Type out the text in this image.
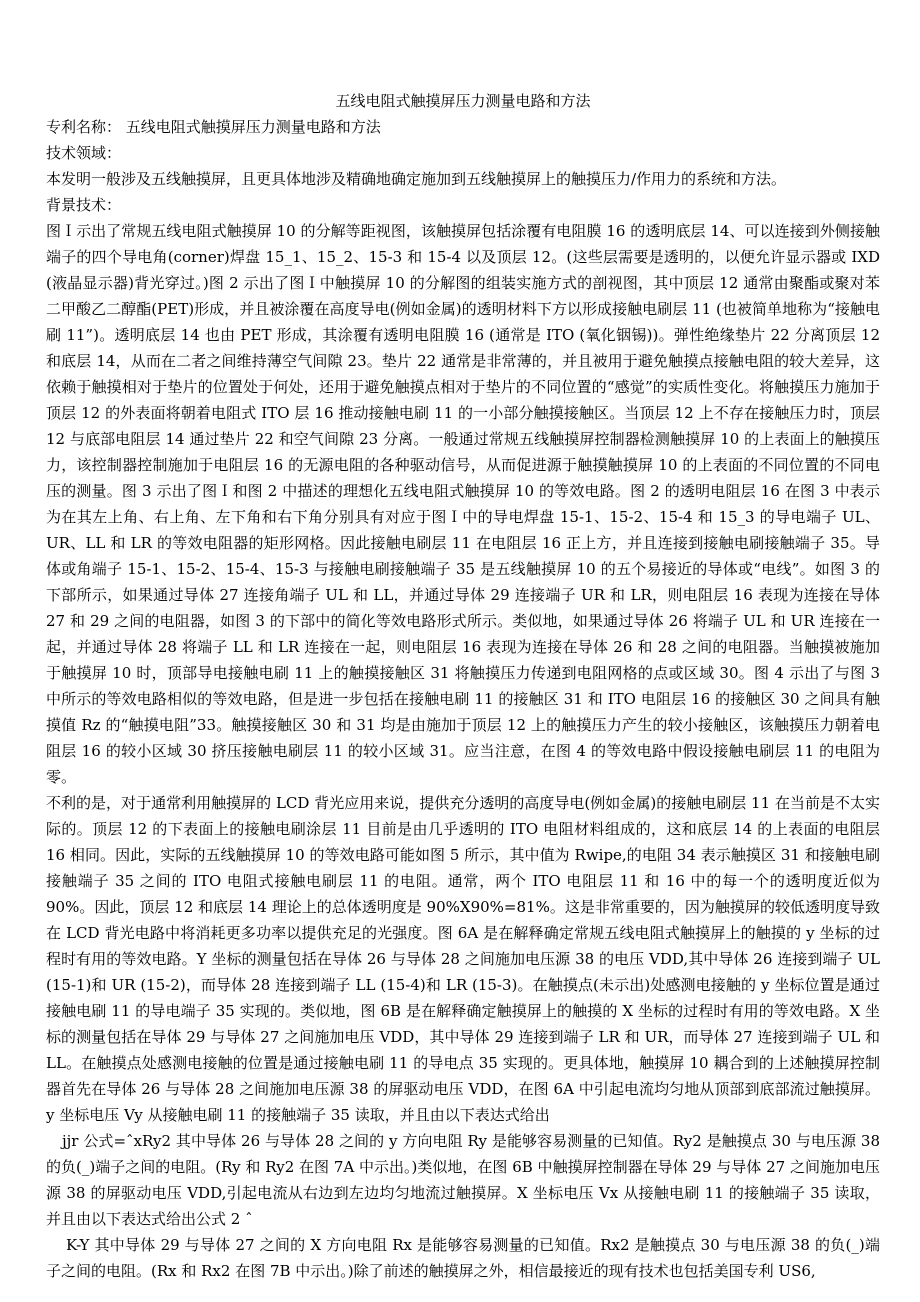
五线电阻式触摸屏压力测量电路和方法

专利名称： 五线电阻式触摸屏压力测量电路和方法

技术领域：

本发明一般涉及五线触摸屏，且更具体地涉及精确地确定施加到五线触摸屏上的触摸压力/作用力的系统和方法。

背景技术：

图Ｉ示出了常规五线电阻式触摸屏 10 的分解等距视图，该触摸屏包括涂覆有电阻膜 16 的透明底层 14、可以连接到外侧接触端子的四个导电角(corner)焊盘 15_1、15_2、15-3 和 15-4 以及顶层 12。(这些层需要是透明的，以便允许显示器或 IXD (液晶显示器)背光穿过。)图 2 示出了图Ｉ中触摸屏 10 的分解图的组装实施方式的剖视图，其中顶层 12 通常由聚酯或聚对苯二甲酸乙二醇酯(PET)形成，并且被涂覆在高度导电(例如金属)的透明材料下方以形成接触电刷层 11 (也被简单地称为“接触电刷 11”)。透明底层 14 也由 PET 形成，其涂覆有透明电阻膜 16 (通常是 ITO (氧化铟锡))。弹性绝缘垫片 22 分离顶层 12 和底层 14，从而在二者之间维持薄空气间隙 23。垫片 22 通常是非常薄的，并且被用于避免触摸点接触电阻的较大差异，这依赖于触摸相对于垫片的位置处于何处，还用于避免触摸点相对于垫片的不同位置的“感觉”的实质性变化。将触摸压力施加于顶层 12 的外表面将朝着电阻式 ITO 层 16 推动接触电刷 11 的一小部分触摸接触区。当顶层 12 上不存在接触压力时，顶层 12 与底部电阻层 14 通过垫片 22 和空气间隙 23 分离。一般通过常规五线触摸屏控制器检测触摸屏 10 的上表面上的触摸压力，该控制器控制施加于电阻层 16 的无源电阻的各种驱动信号，从而促进源于触摸触摸屏 10 的上表面的不同位置的不同电压的测量。图 3 示出了图Ｉ和图 2 中描述的理想化五线电阻式触摸屏 10 的等效电路。图 2 的透明电阻层 16 在图 3 中表示为在其左上角、右上角、左下角和右下角分别具有对应于图Ｉ中的导电焊盘 15-1、15-2、15-4 和 15_3 的导电端子 UL、UR、LL 和 LR 的等效电阻器的矩形网格。因此接触电刷层 11 在电阻层 16 正上方，并且连接到接触电刷接触端子 35。导体或角端子 15-1、15-2、15-4、15-3 与接触电刷接触端子 35 是五线触摸屏 10 的五个易接近的导体或“电线”。如图 3 的下部所示，如果通过导体 27 连接角端子 UL 和 LL，并通过导体 29 连接端子 UR 和 LR，则电阻层 16 表现为连接在导体 27 和 29 之间的电阻器，如图 3 的下部中的简化等效电路形式所示。类似地，如果通过导体 26 将端子 UL 和 UR 连接在一起，并通过导体 28 将端子 LL 和 LR 连接在一起，则电阻层 16 表现为连接在导体 26 和 28 之间的电阻器。当触摸被施加于触摸屏 10 时，顶部导电接触电刷 11 上的触摸接触区 31 将触摸压力传递到电阻网格的点或区域 30。图 4 示出了与图 3 中所示的等效电路相似的等效电路，但是进一步包括在接触电刷 11 的接触区 31 和 ITO 电阻层 16 的接触区 30 之间具有触摸值 Rz 的“触摸电阻”33。触摸接触区 30 和 31 均是由施加于顶层 12 上的触摸压力产生的较小接触区，该触摸压力朝着电阻层 16 的较小区域 30 挤压接触电刷层 11 的较小区域 31。应当注意，在图 4 的等效电路中假设接触电刷层 11 的电阻为零。

不利的是，对于通常利用触摸屏的 LCD 背光应用来说，提供充分透明的高度导电(例如金属)的接触电刷层 11 在当前是不太实际的。顶层 12 的下表面上的接触电刷涂层 11 目前是由几乎透明的 ITO 电阻材料组成的，这和底层 14 的上表面的电阻层 16 相同。因此，实际的五线触摸屏 10 的等效电路可能如图 5 所示，其中值为 Rwipe,的电阻 34 表示触摸区 31 和接触电刷接触端子 35 之间的 ITO 电阻式接触电刷层 11 的电阻。通常，两个 ITO 电阻层 11 和 16 中的每一个的透明度近似为 90%。因此，顶层 12 和底层 14 理论上的总体透明度是 90%X90%=81%。这是非常重要的，因为触摸屏的较低透明度导致在 LCD 背光电路中将消耗更多功率以提供充足的光强度。图 6A 是在解释确定常规五线电阻式触摸屏上的触摸的 y 坐标的过程时有用的等效电路。Y 坐标的测量包括在导体 26 与导体 28 之间施加电压源 38 的电压 VDD,其中导体 26 连接到端子 UL (15-1)和 UR (15-2)，而导体 28 连接到端子 LL (15-4)和 LR (15-3)。在触摸点(未示出)处感测电接触的 y 坐标位置是通过接触电刷 11 的导电端子 35 实现的。类似地，图 6B 是在解释确定触摸屏上的触摸的 X 坐标的过程时有用的等效电路。X 坐标的测量包括在导体 29 与导体 27 之间施加电压 VDD，其中导体 29 连接到端子 LR 和 UR，而导体 27 连接到端子 UL 和 LL。在触摸点处感测电接触的位置是通过接触电刷 11 的导电点 35 实现的。更具体地，触摸屏 10 耦合到的上述触摸屏控制器首先在导体 26 与导体 28 之间施加电压源 38 的屏驱动电压 VDD，在图 6A 中引起电流均匀地从顶部到底部流过触摸屏。y 坐标电压 Vy 从接触电刷 11 的接触端子 35 读取，并且由以下表达式给出

jjr 公式=ˆxRy2 其中导体 26 与导体 28 之间的 y 方向电阻 Ry 是能够容易测量的已知值。Ry2 是触摸点 30 与电压源 38 的负(_)端子之间的电阻。(Ry 和 Ry2 在图 7A 中示出。)类似地，在图 6B 中触摸屏控制器在导体 29 与导体 27 之间施加电压源 38 的屏驱动电压 VDD,引起电流从右边到左边均匀地流过触摸屏。X 坐标电压 Vx 从接触电刷 11 的接触端子 35 读取，并且由以下表达式给出公式 2 ˆ

K-Y 其中导体 29 与导体 27 之间的 X 方向电阻 Rx 是能够容易测量的已知值。Rx2 是触摸点 30 与电压源 38 的负(_)端子之间的电阻。(Rx 和 Rx2 在图 7B 中示出。)除了前述的触摸屏之外，相信最接近的现有技术也包括美国专利 US6,
